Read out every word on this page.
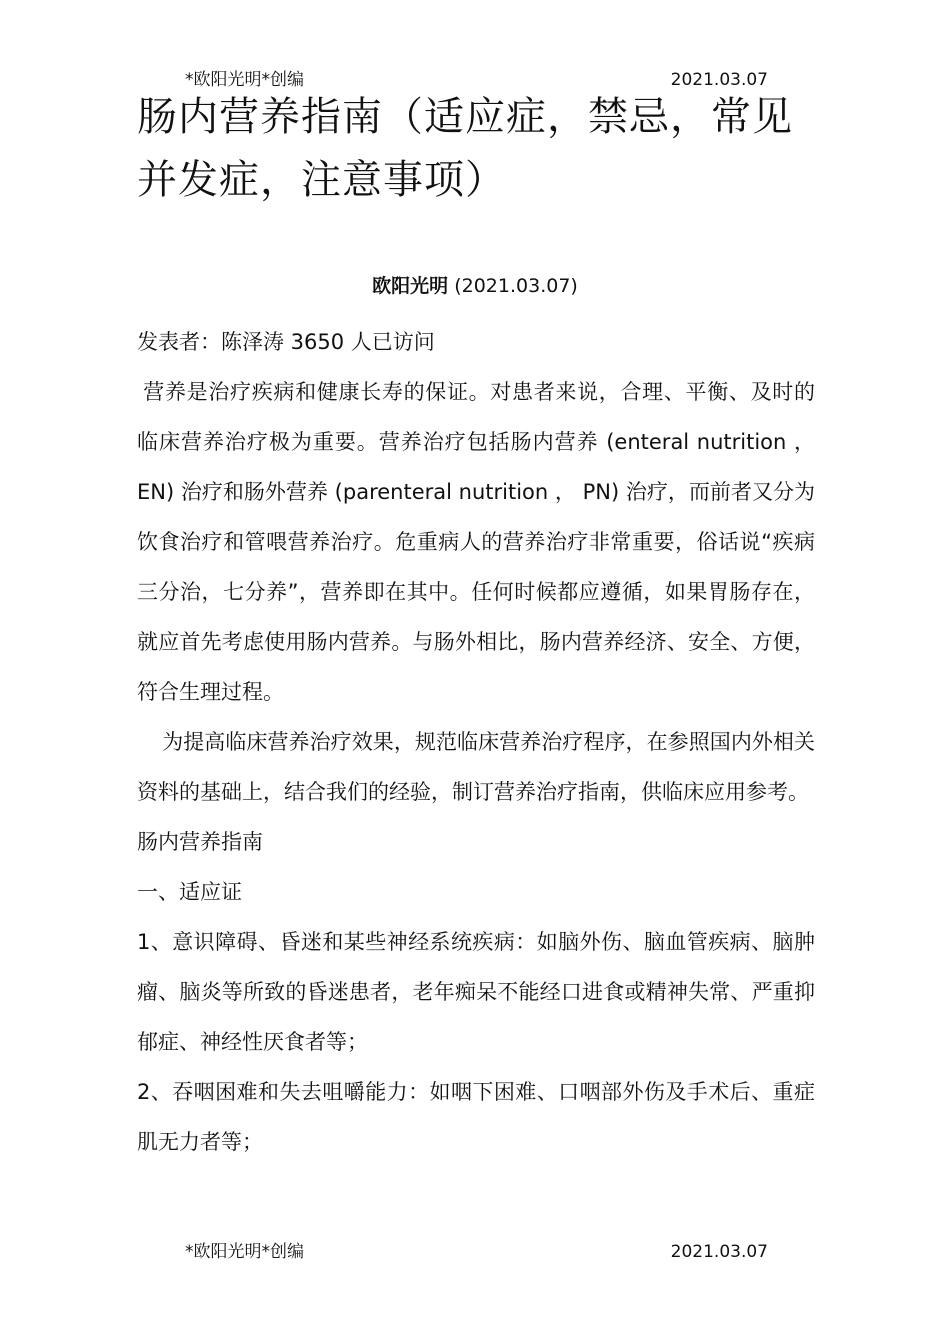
*欧阳光明*创编	2021.03.07
肠内营养指南（适应症，禁忌，常见并发症，注意事项）
欧阳光明 (2021.03.07)

发表者：陈泽涛 3650 人已访问

营养是治疗疾病和健康长寿的保证。对患者来说，合理、平衡、及时的临床营养治疗极为重要。营养治疗包括肠内营养 (enteral nutrition ， EN) 治疗和肠外营养 (parenteral nutrition ， PN) 治疗，而前者又分为饮食治疗和管喂营养治疗。危重病人的营养治疗非常重要，俗话说“疾病三分治，七分养”，营养即在其中。任何时候都应遵循，如果胃肠存在，就应首先考虑使用肠内营养。与肠外相比，肠内营养经济、安全、方便，符合生理过程。

为提高临床营养治疗效果，规范临床营养治疗程序，在参照国内外相关资料的基础上，结合我们的经验，制订营养治疗指南，供临床应用参考。

肠内营养指南

一、适应证

1、意识障碍、昏迷和某些神经系统疾病：如脑外伤、脑血管疾病、脑肿瘤、脑炎等所致的昏迷患者，老年痴呆不能经口进食或精神失常、严重抑郁症、神经性厌食者等；

2、吞咽困难和失去咀嚼能力：如咽下困难、口咽部外伤及手术后、重症肌无力者等；

*欧阳光明*创编	2021.03.07
